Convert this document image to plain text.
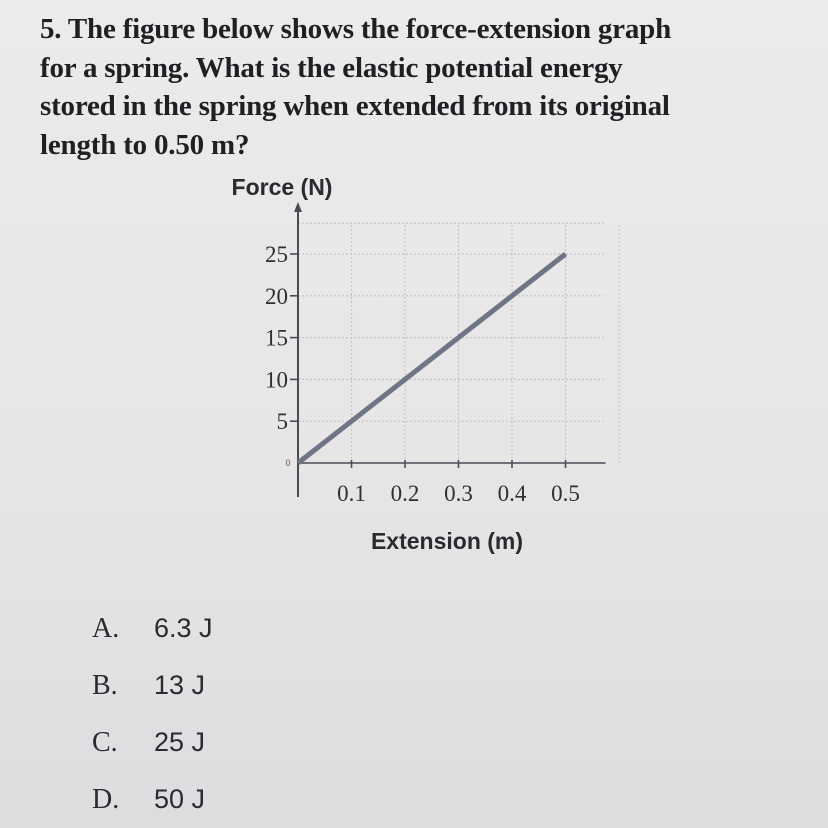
5. The figure below shows the force-extension graph
for a spring. What is the elastic potential energy
stored in the spring when extended from its original
length to 0.50 m?
25
20
15
10
5
0.1 0.2 0.3 0.4 0.5
0
Force (N)
Extension (m)
A.	6.3 J
B.	13 J
C.	25 J
D.	50 J
